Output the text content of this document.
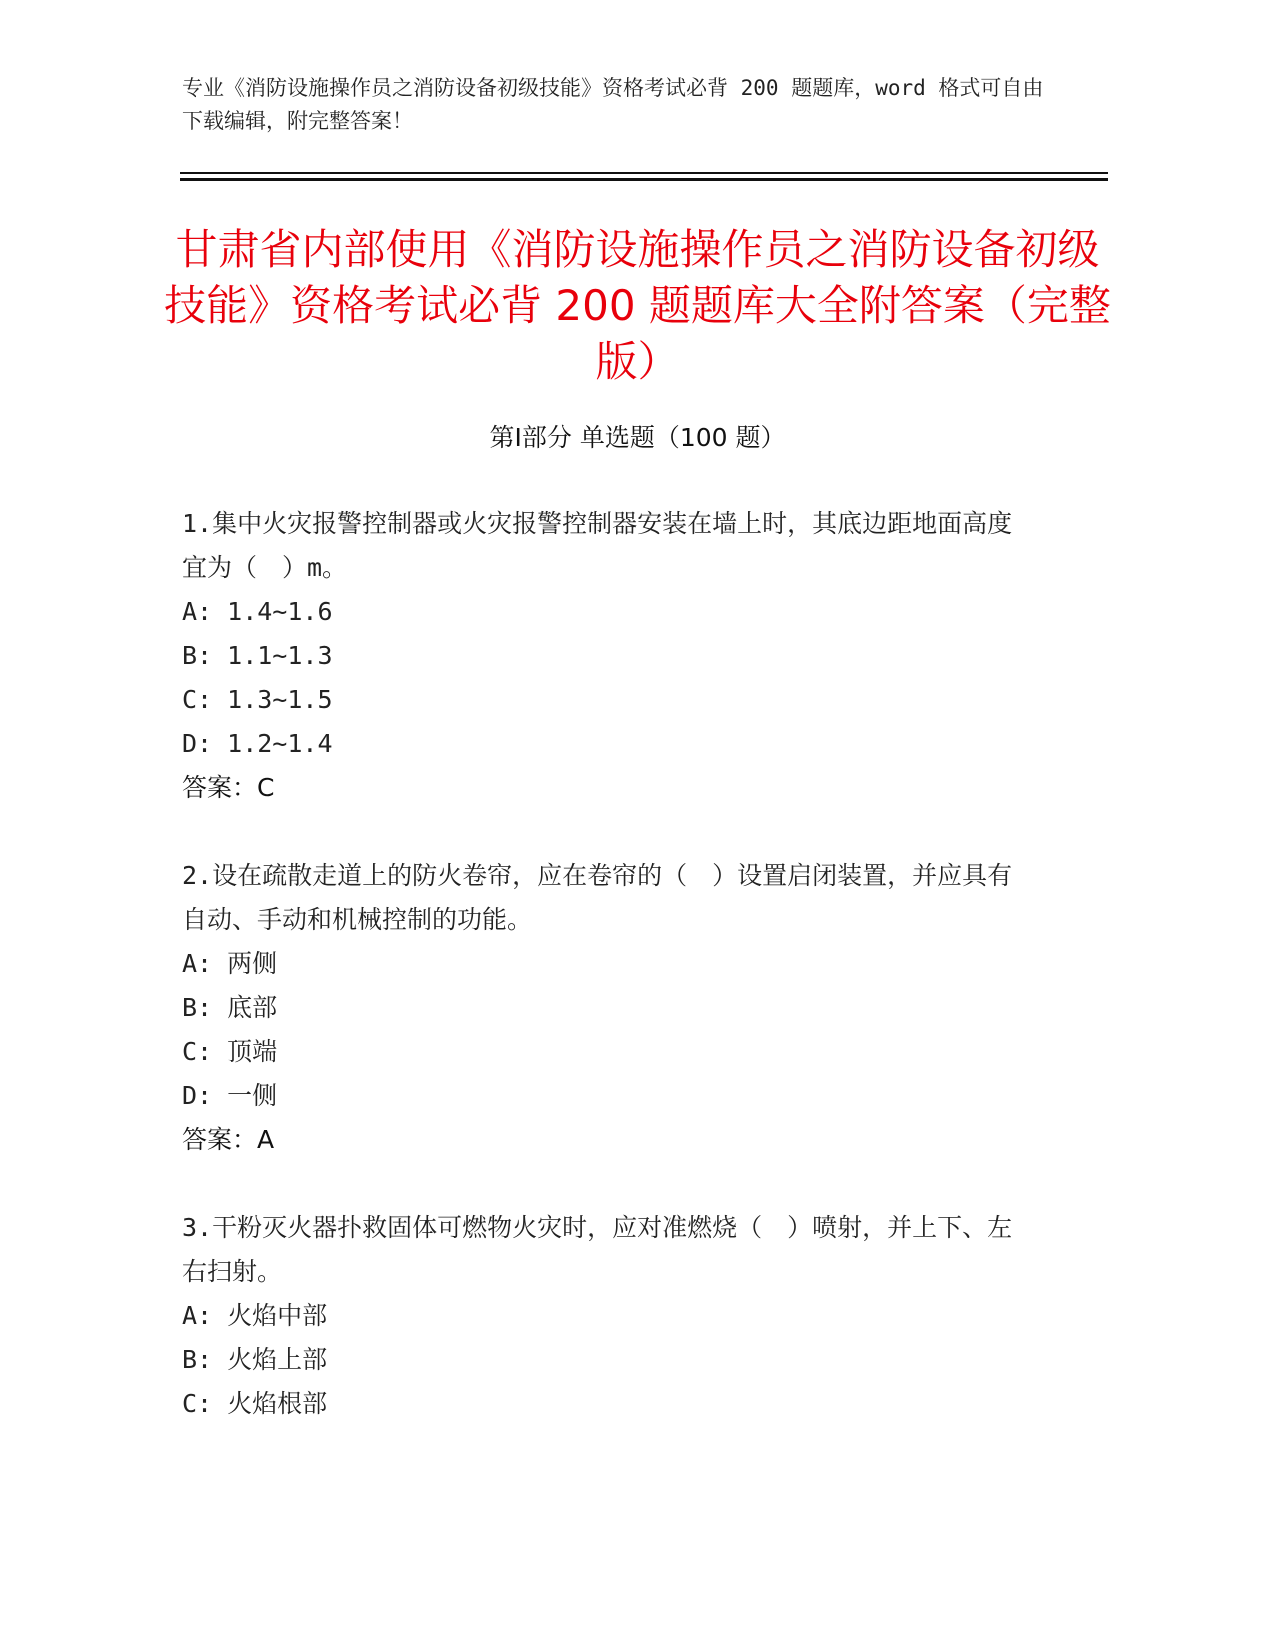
专业《消防设施操作员之消防设备初级技能》资格考试必背 200 题题库，word 格式可自由下载编辑，附完整答案！
甘肃省内部使用《消防设施操作员之消防设备初级技能》资格考试必背 200 题题库大全附答案（完整版）
第Ⅰ部分 单选题（100 题）

1.集中火灾报警控制器或火灾报警控制器安装在墙上时，其底边距地面高度宜为（　）m。

A: 1.4~1.6

B: 1.1~1.3

C: 1.3~1.5

D: 1.2~1.4

答案：C

2.设在疏散走道上的防火卷帘，应在卷帘的（　）设置启闭装置，并应具有自动、手动和机械控制的功能。

A: 两侧

B: 底部

C: 顶端

D: 一侧

答案：A

3.干粉灭火器扑救固体可燃物火灾时，应对准燃烧（　）喷射，并上下、左右扫射。

A: 火焰中部

B: 火焰上部

C: 火焰根部
